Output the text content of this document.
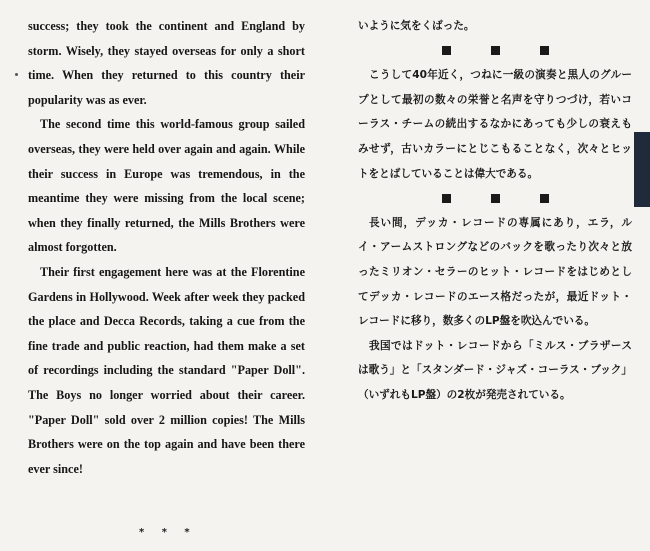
success; they took the continent and England by storm. Wisely, they stayed overseas for only a short time. When they returned to this country their popularity was as ever.

The second time this world-famous group sailed overseas, they were held over again and again. While their success in Europe was tremendous, in the meantime they were missing from the local scene; when they finally returned, the Mills Brothers were almost forgotten.

Their first engagement here was at the Florentine Gardens in Hollywood. Week after week they packed the place and Decca Records, taking a cue from the fine trade and public reaction, had them make a set of recordings including the standard "Paper Doll". The Boys no longer worried about their career. "Paper Doll" sold over 2 million copies! The Mills Brothers were on the top again and have been there ever since!

* * *

いように気をくばった。

こうして40年近く，つねに一級の演奏と黒人のグループとして最初の数々の栄誉と名声を守りつづけ，若いコーラス・チームの続出するなかにあっても少しの衰えもみせず，古いカラーにとじこもることなく，次々とヒットをとばしていることは偉大である。

長い間，デッカ・レコードの専属にあり，エラ，ルイ・アームストロングなどのバックを歌ったり次々と放ったミリオン・セラーのヒット・レコードをはじめとしてデッカ・レコードのエース格だったが，最近ドット・レコードに移り，数多くのLP盤を吹込んでいる。

我国ではドット・レコードから「ミルス・ブラザースは歌う」と「スタンダード・ジャズ・コーラス・ブック」（いずれもLP盤）の2枚が発売されている。
